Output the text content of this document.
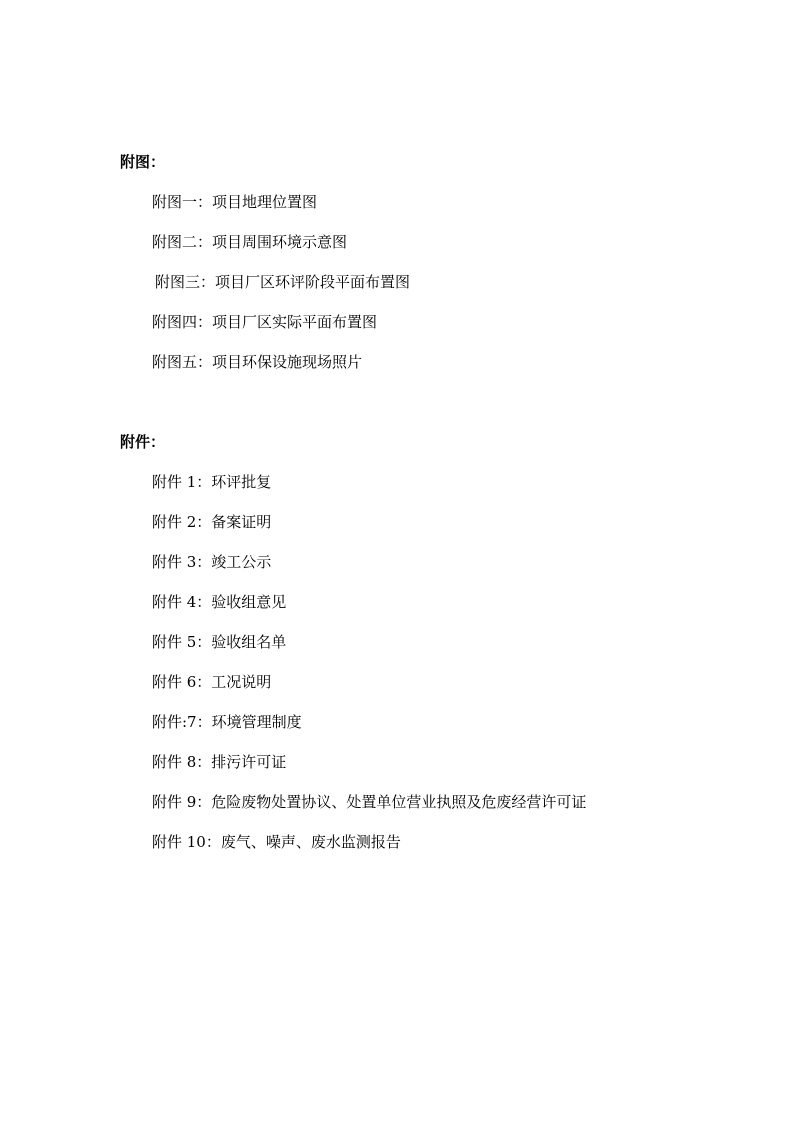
附图：
附图一：项目地理位置图
附图二：项目周围环境示意图
附图三：项目厂区环评阶段平面布置图
附图四：项目厂区实际平面布置图
附图五：项目环保设施现场照片
附件：
附件 1：环评批复
附件 2：备案证明
附件 3：竣工公示
附件 4：验收组意见
附件 5：验收组名单
附件 6：工况说明
附件:7：环境管理制度
附件 8：排污许可证
附件 9：危险废物处置协议、处置单位营业执照及危废经营许可证
附件 10：废气、噪声、废水监测报告
